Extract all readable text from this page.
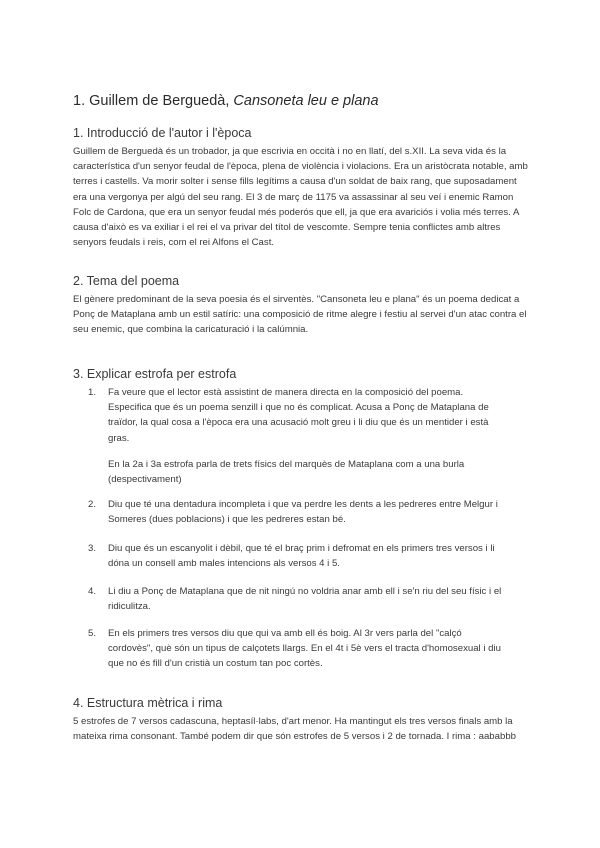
1. Guillem de Berguedà, Cansoneta leu e plana
1. Introducció de l'autor i l'època

Guillem de Berguedà és un trobador, ja que escrivia en occità i no en llatí, del s.XII. La seva vida és la característica d'un senyor feudal de l'època, plena de violència i violacions. Era un aristòcrata notable, amb terres i castells. Va morir solter i sense fills legítims a causa d'un soldat de baix rang, que suposadament era una vergonya per algú del seu rang. El 3 de març de 1175 va assassinar al seu veí i enemic Ramon Folc de Cardona, que era un senyor feudal més poderós que ell, ja que era avariciós i volia més terres. A causa d'això es va exiliar i el rei el va privar del títol de vescomte. Sempre tenia conflictes amb altres senyors feudals i reis, com el rei Alfons el Cast.

2. Tema del poema

El gènere predominant de la seva poesia és el sirventès. "Cansoneta leu e plana" és un poema dedicat a Ponç de Mataplana amb un estil satíric: una composició de ritme alegre i festiu al servei d'un atac contra el seu enemic, que combina la caricaturació i la calúmnia.

3. Explicar estrofa per estrofa
1.	Fa veure que el lector està assistint de manera directa en la composició del poema. Especifica que és un poema senzill i que no és complicat. Acusa a Ponç de Mataplana de traïdor, la qual cosa a l'època era una acusació molt greu i li diu que és un mentider i està gras.

2.	Diu que té una dentadura incompleta i que va perdre les dents a les pedreres entre Melgur i Someres (dues poblacions) i que les pedreres estan bé.

3.	Diu que és un escanyolit i dèbil, que té el braç prim i defromat en els primers tres versos i li dóna un consell amb males intencions als versos 4 i 5.

4.	Li diu a Ponç de Mataplana que de nit ningú no voldria anar amb ell i se'n riu del seu físic i el ridiculitza.

5.	En els primers tres versos diu que qui va amb ell és boig. Al 3r vers parla del "calçó cordovès", què són un tipus de calçotets llargs. En el 4t i 5è vers el tracta d'homosexual i diu que no és fill d'un cristià un costum tan poc cortès.

En la 2a i 3a estrofa parla de trets físics del marquès de Mataplana com a una burla (despectivament)

4. Estructura mètrica i rima

5 estrofes de 7 versos cadascuna, heptasíl·labs, d'art menor. Ha mantingut els tres versos finals amb la mateixa rima consonant. També podem dir que són estrofes de 5 versos i 2 de tornada. I rima : aababbb
